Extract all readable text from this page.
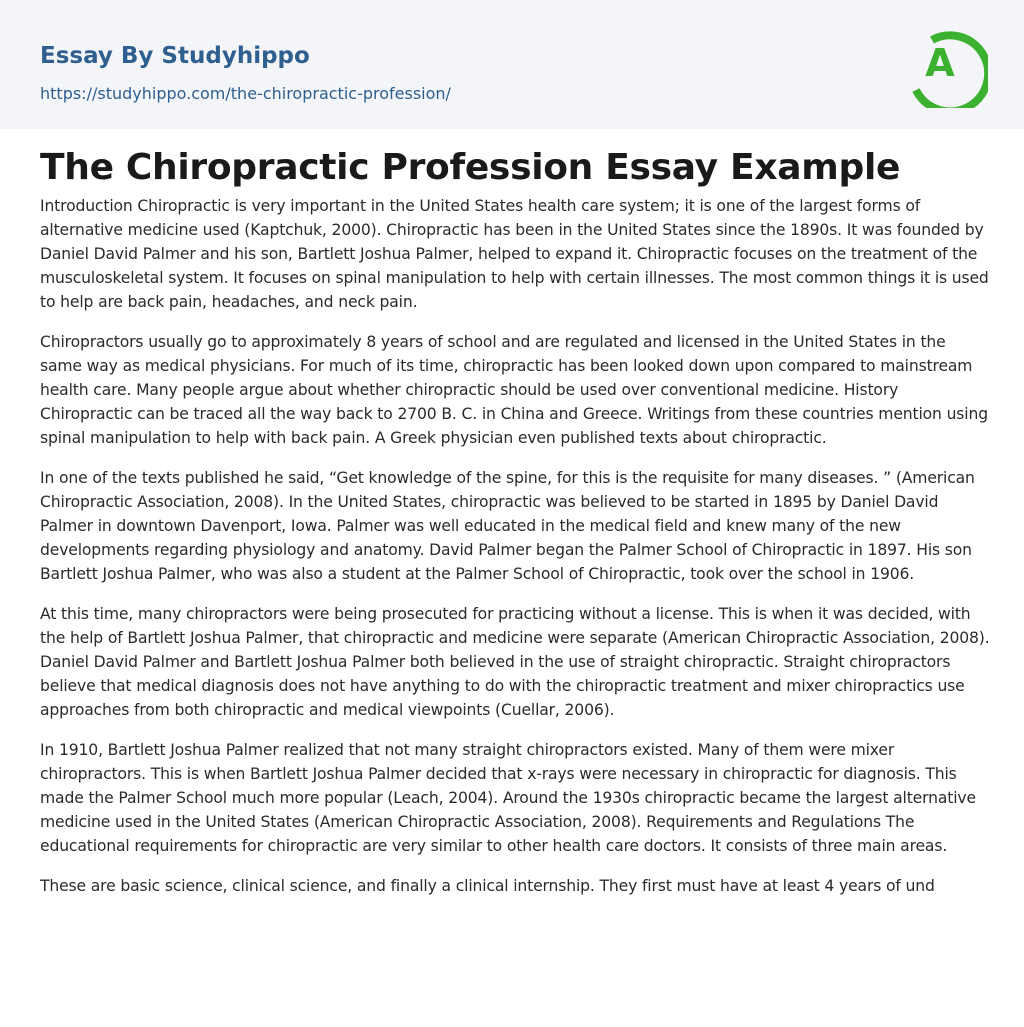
Essay By Studyhippo
https://studyhippo.com/the-chiropractic-profession/
A
The Chiropractic Profession Essay Example

Introduction Chiropractic is very important in the United States health care system; it is one of the largest forms of alternative medicine used (Kaptchuk, 2000). Chiropractic has been in the United States since the 1890s. It was founded by Daniel David Palmer and his son, Bartlett Joshua Palmer, helped to expand it. Chiropractic focuses on the treatment of the musculoskeletal system. It focuses on spinal manipulation to help with certain illnesses. The most common things it is used to help are back pain, headaches, and neck pain.

Chiropractors usually go to approximately 8 years of school and are regulated and licensed in the United States in the same way as medical physicians. For much of its time, chiropractic has been looked down upon compared to mainstream health care. Many people argue about whether chiropractic should be used over conventional medicine. History Chiropractic can be traced all the way back to 2700 B. C. in China and Greece. Writings from these countries mention using spinal manipulation to help with back pain. A Greek physician even published texts about chiropractic.

In one of the texts published he said, “Get knowledge of the spine, for this is the requisite for many diseases. ” (American Chiropractic Association, 2008). In the United States, chiropractic was believed to be started in 1895 by Daniel David Palmer in downtown Davenport, Iowa. Palmer was well educated in the medical field and knew many of the new developments regarding physiology and anatomy. David Palmer began the Palmer School of Chiropractic in 1897. His son Bartlett Joshua Palmer, who was also a student at the Palmer School of Chiropractic, took over the school in 1906.

At this time, many chiropractors were being prosecuted for practicing without a license. This is when it was decided, with the help of Bartlett Joshua Palmer, that chiropractic and medicine were separate (American Chiropractic Association, 2008). Daniel David Palmer and Bartlett Joshua Palmer both believed in the use of straight chiropractic. Straight chiropractors believe that medical diagnosis does not have anything to do with the chiropractic treatment and mixer chiropractics use approaches from both chiropractic and medical viewpoints (Cuellar, 2006).

In 1910, Bartlett Joshua Palmer realized that not many straight chiropractors existed. Many of them were mixer chiropractors. This is when Bartlett Joshua Palmer decided that x-rays were necessary in chiropractic for diagnosis. This made the Palmer School much more popular (Leach, 2004). Around the 1930s chiropractic became the largest alternative medicine used in the United States (American Chiropractic Association, 2008). Requirements and Regulations The educational requirements for chiropractic are very similar to other health care doctors. It consists of three main areas.

These are basic science, clinical science, and finally a clinical internship. They first must have at least 4 years of und
